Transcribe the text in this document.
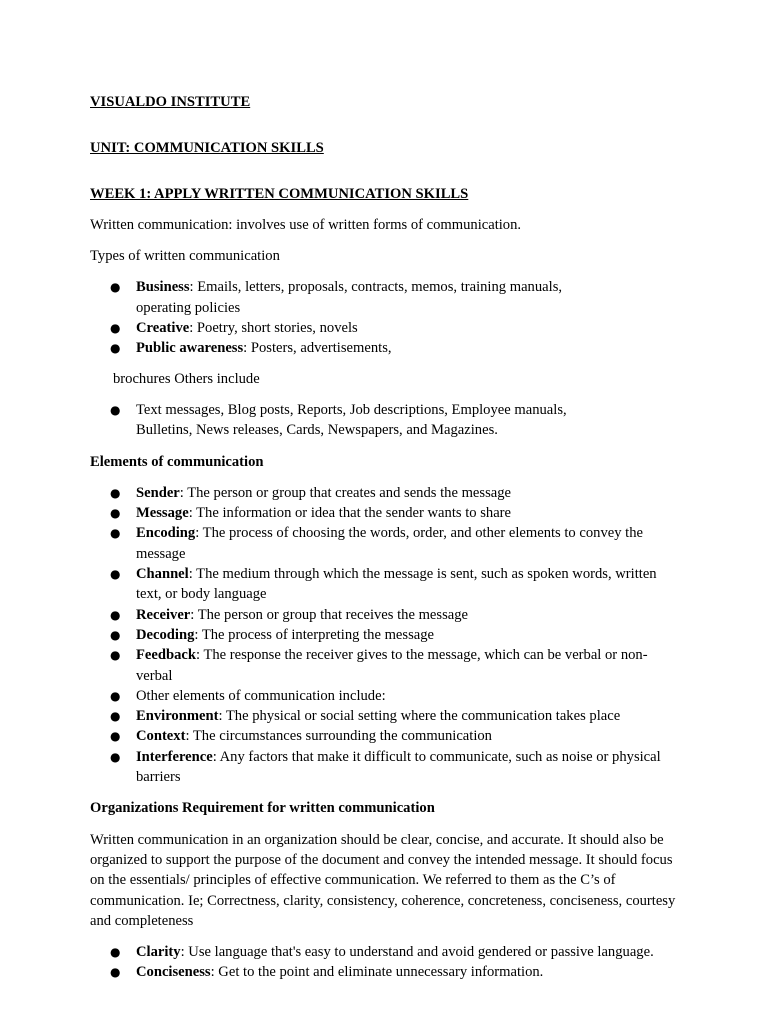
VISUALDO INSTITUTE

UNIT: COMMUNICATION SKILLS

WEEK 1: APPLY WRITTEN COMMUNICATION SKILLS

Written communication: involves use of written forms of communication.

Types of written communication

● Business: Emails, letters, proposals, contracts, memos, training manuals, operating policies
● Creative: Poetry, short stories, novels
● Public awareness: Posters, advertisements,

brochures Others include

● Text messages, Blog posts, Reports, Job descriptions, Employee manuals, Bulletins, News releases, Cards, Newspapers, and Magazines.

Elements of communication

● Sender: The person or group that creates and sends the message
● Message: The information or idea that the sender wants to share
● Encoding: The process of choosing the words, order, and other elements to convey the message
● Channel: The medium through which the message is sent, such as spoken words, written text, or body language
● Receiver: The person or group that receives the message
● Decoding: The process of interpreting the message
● Feedback: The response the receiver gives to the message, which can be verbal or non- verbal
● Other elements of communication include:
● Environment: The physical or social setting where the communication takes place
● Context: The circumstances surrounding the communication
● Interference: Any factors that make it difficult to communicate, such as noise or physical barriers

Organizations Requirement for written communication

Written communication in an organization should be clear, concise, and accurate. It should also be organized to support the purpose of the document and convey the intended message. It should focus on the essentials/ principles of effective communication. We referred to them as the C’s of communication. Ie; Correctness, clarity, consistency, coherence, concreteness, conciseness, courtesy and completeness

● Clarity: Use language that's easy to understand and avoid gendered or passive language.
● Conciseness: Get to the point and eliminate unnecessary information.
